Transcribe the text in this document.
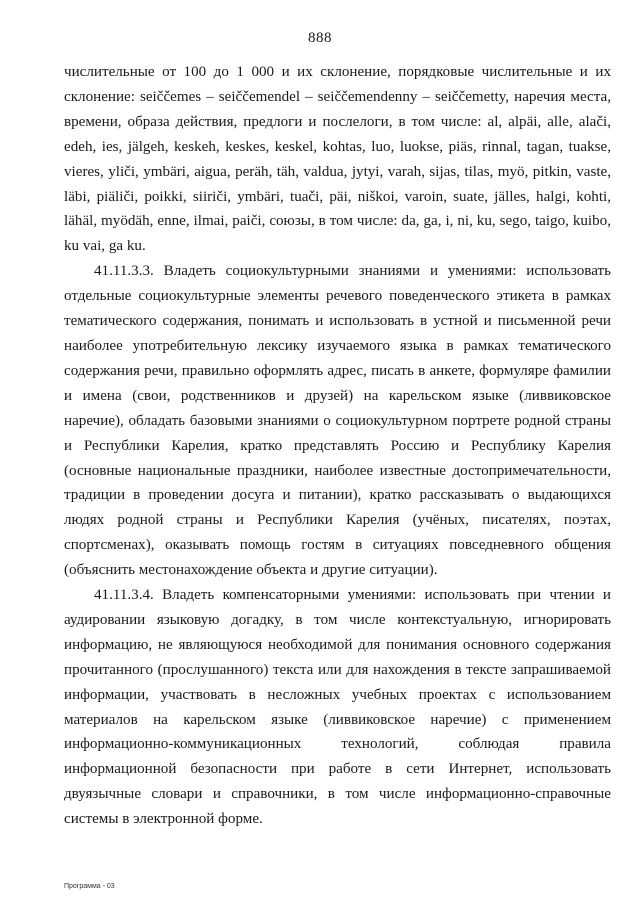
888

числительные от 100 до 1 000 и их склонение, порядковые числительные и их склонение: seiččemes – seiččemendel – seiččemendenny – seiččemetty, наречия места, времени, образа действия, предлоги и послелоги, в том числе: al, alpäi, alle, alači, edeh, ies, jälgeh, keskeh, keskes, keskel, kohtas, luo, luokse, piäs, rinnal, tagan, tuakse, vieres, yliči, ymbäri, aigua, peräh, täh, valdua, jytyi, varah, sijas, tilas, myö, pitkin, vaste, läbi, piäliči, poikki, siiriči, ymbäri, tuači, päi, niškoi, varoin, suate, jälles, halgi, kohti, lähäl, myödäh, enne, ilmai, paiči, союзы, в том числе: da, ga, i, ni, ku, sego, taigo, kuibo, ku vai, ga ku.

41.11.3.3. Владеть социокультурными знаниями и умениями: использовать отдельные социокультурные элементы речевого поведенческого этикета в рамках тематического содержания, понимать и использовать в устной и письменной речи наиболее употребительную лексику изучаемого языка в рамках тематического содержания речи, правильно оформлять адрес, писать в анкете, формуляре фамилии и имена (свои, родственников и друзей) на карельском языке (ливвиковское наречие), обладать базовыми знаниями о социокультурном портрете родной страны и Республики Карелия, кратко представлять Россию и Республику Карелия (основные национальные праздники, наиболее известные достопримечательности, традиции в проведении досуга и питании), кратко рассказывать о выдающихся людях родной страны и Республики Карелия (учёных, писателях, поэтах, спортсменах), оказывать помощь гостям в ситуациях повседневного общения (объяснить местонахождение объекта и другие ситуации).

41.11.3.4. Владеть компенсаторными умениями: использовать при чтении и аудировании языковую догадку, в том числе контекстуальную, игнорировать информацию, не являющуюся необходимой для понимания основного содержания прочитанного (прослушанного) текста или для нахождения в тексте запрашиваемой информации, участвовать в несложных учебных проектах с использованием материалов на карельском языке (ливвиковское наречие) с применением информационно-коммуникационных технологий, соблюдая правила информационной безопасности при работе в сети Интернет, использовать двуязычные словари и справочники, в том числе информационно-справочные системы в электронной форме.

Программа - 03
